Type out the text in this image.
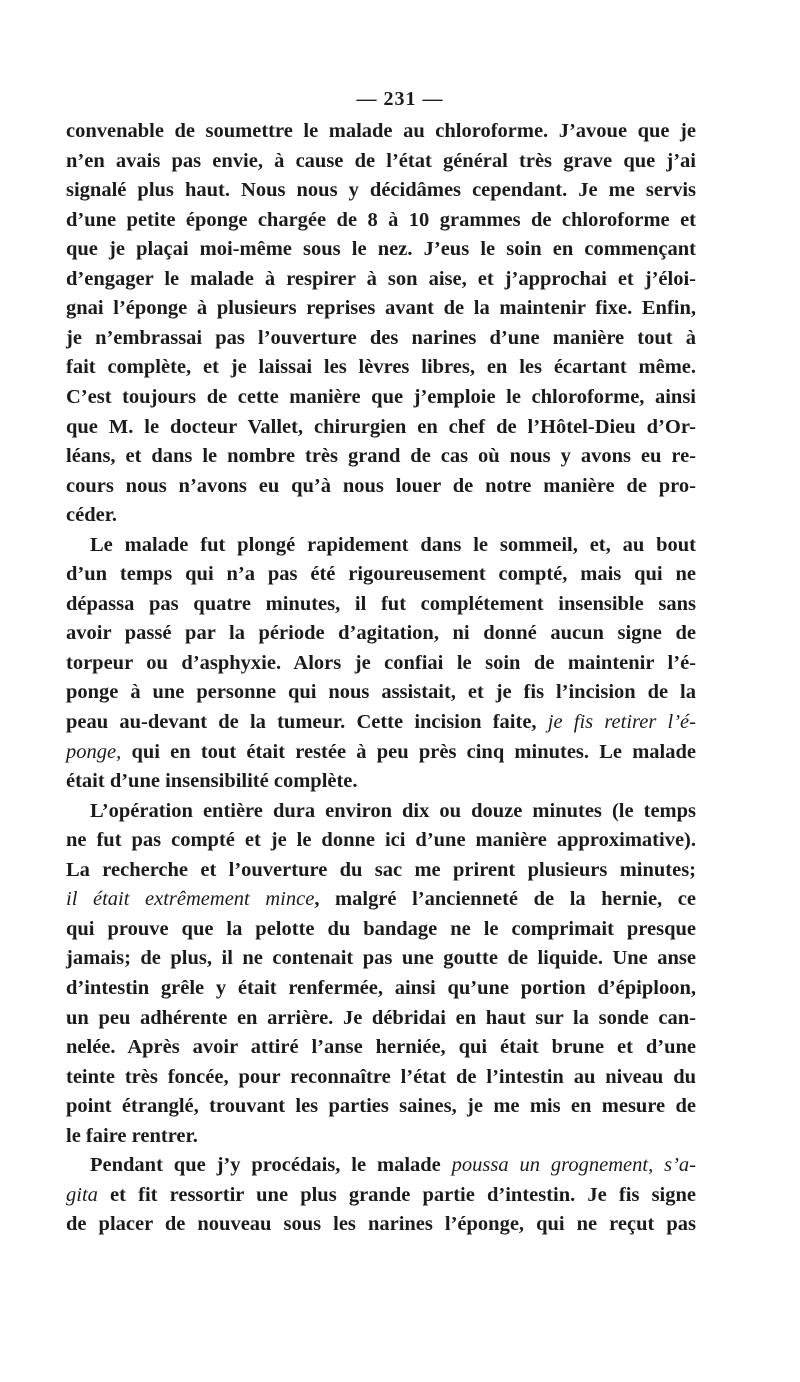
— 231 —
convenable de soumettre le malade au chloroforme. J’avoue que je
n’en avais pas envie, à cause de l’état général très grave que j’ai
signalé plus haut. Nous nous y décidâmes cependant. Je me servis
d’une petite éponge chargée de 8 à 10 grammes de chloroforme et
que je plaçai moi-même sous le nez. J’eus le soin en commençant
d’engager le malade à respirer à son aise, et j’approchai et j’éloi-
gnai l’éponge à plusieurs reprises avant de la maintenir fixe. Enfin,
je n’embrassai pas l’ouverture des narines d’une manière tout à
fait complète, et je laissai les lèvres libres, en les écartant même.
C’est toujours de cette manière que j’emploie le chloroforme, ainsi
que M. le docteur Vallet, chirurgien en chef de l’Hôtel-Dieu d’Or-
léans, et dans le nombre très grand de cas où nous y avons eu re-
cours nous n’avons eu qu’à nous louer de notre manière de pro-
céder.
Le malade fut plongé rapidement dans le sommeil, et, au bout
d’un temps qui n’a pas été rigoureusement compté, mais qui ne
dépassa pas quatre minutes, il fut complétement insensible sans
avoir passé par la période d’agitation, ni donné aucun signe de
torpeur ou d’asphyxie. Alors je confiai le soin de maintenir l’é-
ponge à une personne qui nous assistait, et je fis l’incision de la
peau au-devant de la tumeur. Cette incision faite, je fis retirer l’é-
ponge, qui en tout était restée à peu près cinq minutes. Le malade
était d’une insensibilité complète.
L’opération entière dura environ dix ou douze minutes (le temps
ne fut pas compté et je le donne ici d’une manière approximative).
La recherche et l’ouverture du sac me prirent plusieurs minutes;
il était extrêmement mince, malgré l’ancienneté de la hernie, ce
qui prouve que la pelotte du bandage ne le comprimait presque
jamais; de plus, il ne contenait pas une goutte de liquide. Une anse
d’intestin grêle y était renfermée, ainsi qu’une portion d’épiploon,
un peu adhérente en arrière. Je débridai en haut sur la sonde can-
nelée. Après avoir attiré l’anse herniée, qui était brune et d’une
teinte très foncée, pour reconnaître l’état de l’intestin au niveau du
point étranglé, trouvant les parties saines, je me mis en mesure de
le faire rentrer.
Pendant que j’y procédais, le malade poussa un grognement, s’a-
gita et fit ressortir une plus grande partie d’intestin. Je fis signe
de placer de nouveau sous les narines l’éponge, qui ne reçut pas
